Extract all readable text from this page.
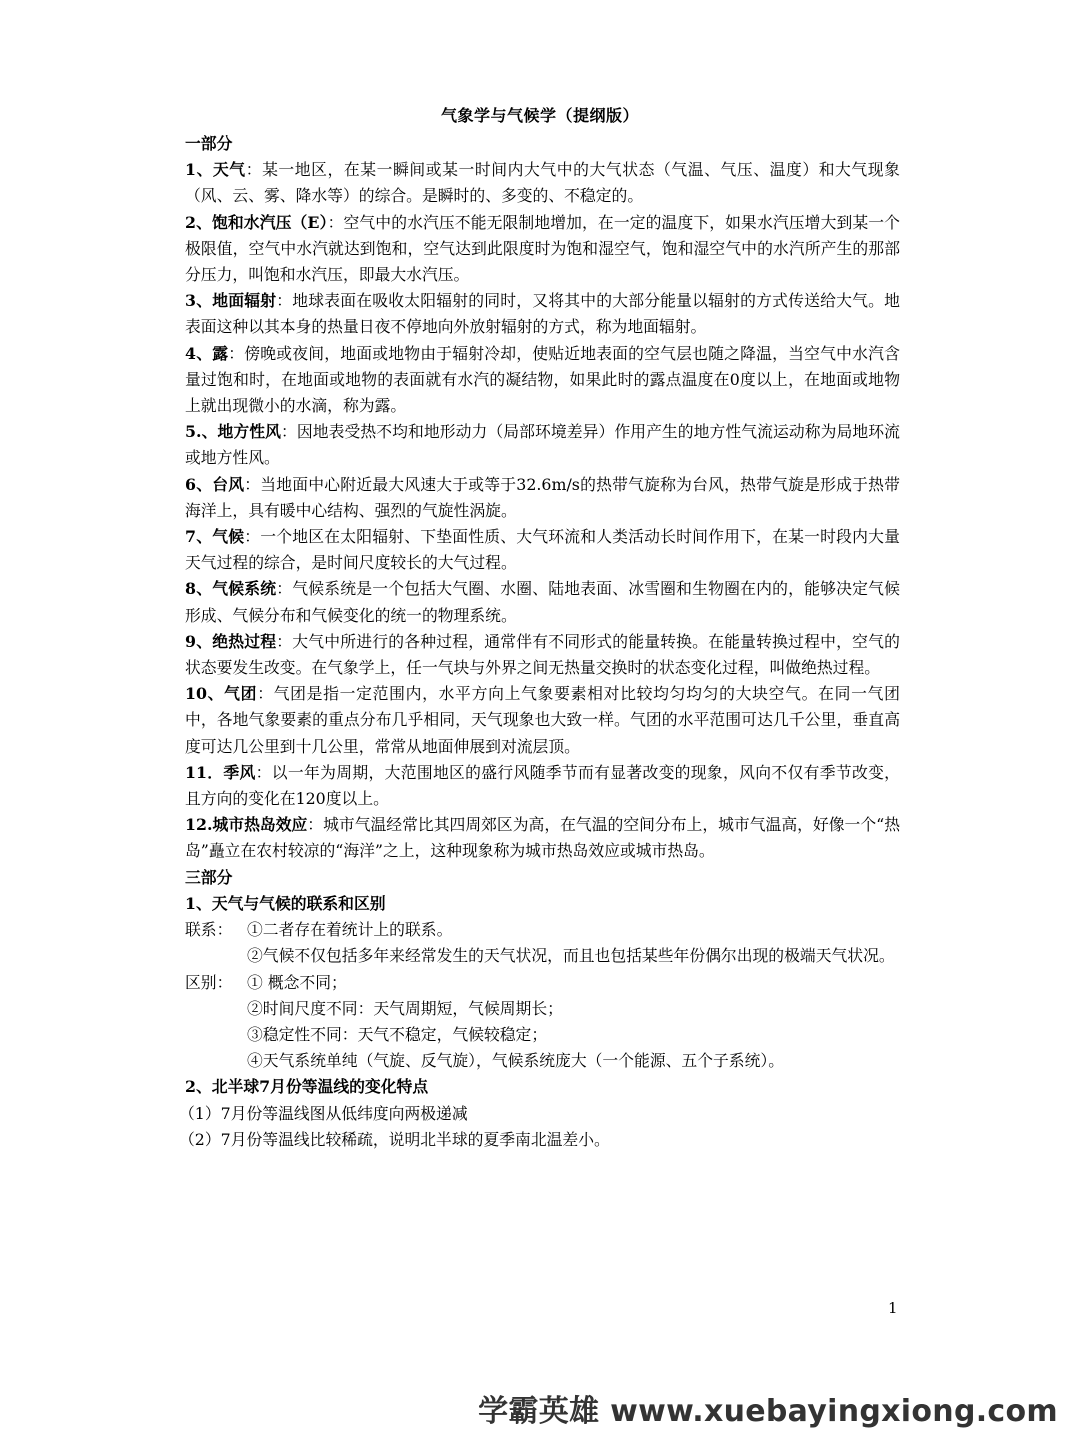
气象学与气候学（提纲版）

一部分

1、天气：某一地区，在某一瞬间或某一时间内大气中的大气状态（气温、气压、温度）和大气现象（风、云、雾、降水等）的综合。是瞬时的、多变的、不稳定的。

2、饱和水汽压（E）：空气中的水汽压不能无限制地增加，在一定的温度下，如果水汽压增大到某一个极限值，空气中水汽就达到饱和，空气达到此限度时为饱和湿空气，饱和湿空气中的水汽所产生的那部分压力，叫饱和水汽压，即最大水汽压。

3、地面辐射：地球表面在吸收太阳辐射的同时，又将其中的大部分能量以辐射的方式传送给大气。地表面这种以其本身的热量日夜不停地向外放射辐射的方式，称为地面辐射。

4、露：傍晚或夜间，地面或地物由于辐射冷却，使贴近地表面的空气层也随之降温，当空气中水汽含量过饱和时，在地面或地物的表面就有水汽的凝结物，如果此时的露点温度在0度以上，在地面或地物上就出现微小的水滴，称为露。

5.、地方性风：因地表受热不均和地形动力（局部环境差异）作用产生的地方性气流运动称为局地环流或地方性风。

6、台风：当地面中心附近最大风速大于或等于32.6m/s的热带气旋称为台风，热带气旋是形成于热带海洋上，具有暖中心结构、强烈的气旋性涡旋。

7、气候：一个地区在太阳辐射、下垫面性质、大气环流和人类活动长时间作用下，在某一时段内大量天气过程的综合，是时间尺度较长的大气过程。

8、气候系统：气候系统是一个包括大气圈、水圈、陆地表面、冰雪圈和生物圈在内的，能够决定气候形成、气候分布和气候变化的统一的物理系统。

9、绝热过程：大气中所进行的各种过程，通常伴有不同形式的能量转换。在能量转换过程中，空气的状态要发生改变。在气象学上，任一气块与外界之间无热量交换时的状态变化过程，叫做绝热过程。

10、气团：气团是指一定范围内，水平方向上气象要素相对比较均匀均匀的大块空气。在同一气团中，各地气象要素的重点分布几乎相同，天气现象也大致一样。气团的水平范围可达几千公里，垂直高度可达几公里到十几公里，常常从地面伸展到对流层顶。

11．季风：以一年为周期，大范围地区的盛行风随季节而有显著改变的现象，风向不仅有季节改变，且方向的变化在120度以上。

12.城市热岛效应：城市气温经常比其四周郊区为高，在气温的空间分布上，城市气温高，好像一个“热岛”矗立在农村较凉的“海洋”之上，这种现象称为城市热岛效应或城市热岛。

三部分

1、天气与气候的联系和区别

联系： ①二者存在着统计上的联系。

②气候不仅包括多年来经常发生的天气状况，而且也包括某些年份偶尔出现的极端天气状况。

区别： ① 概念不同；

②时间尺度不同：天气周期短，气候周期长；

③稳定性不同：天气不稳定，气候较稳定；

④天气系统单纯（气旋、反气旋），气候系统庞大（一个能源、五个子系统）。

2、北半球7月份等温线的变化特点

（1）7月份等温线图从低纬度向两极递减

（2）7月份等温线比较稀疏，说明北半球的夏季南北温差小。

1
学霸英雄 www.xuebayingxiong.com
